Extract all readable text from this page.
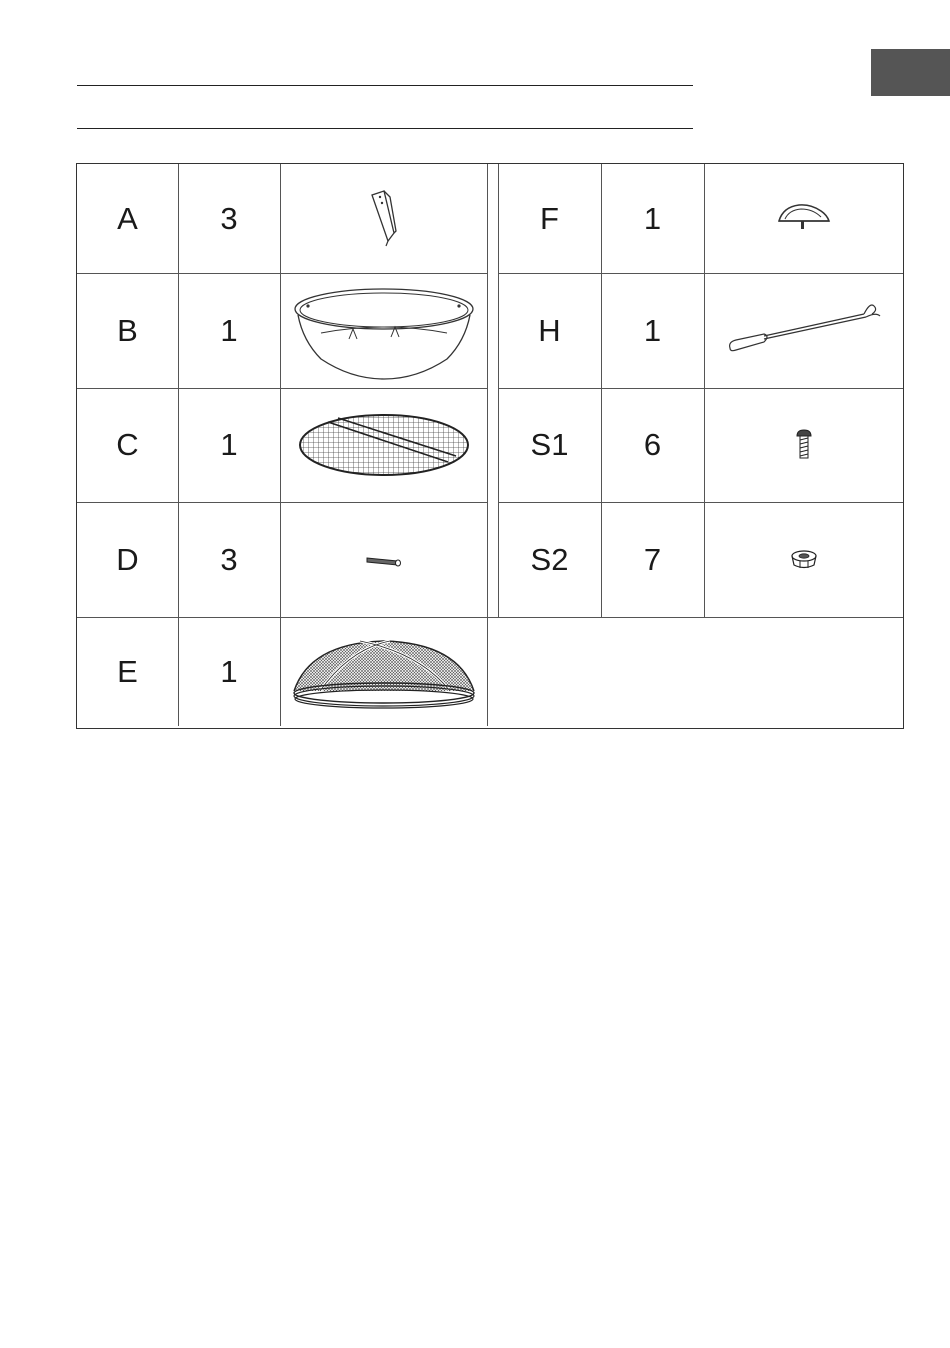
A	3	F	1
B	1	H	1
C	1	S1	6
D	3	S2	7
E	1
